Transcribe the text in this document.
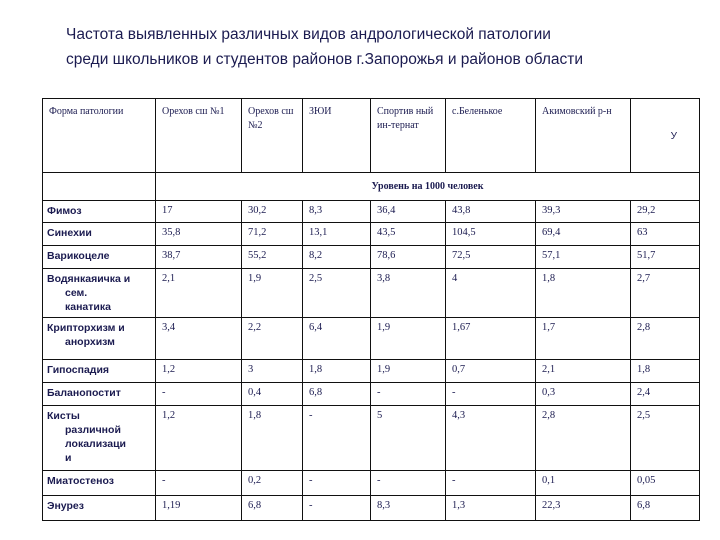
Частота выявленных различных видов андрологической патологии
среди школьников и студентов районов г.Запорожья и районов области
Форма патологии	Орехов сш №1	Орехов сш №2	ЗЮИ	Спортив ный ин-тернат	с.Беленькое	Акимовский р-н	У
	Уровень на 1000 человек						
Фимоз	17	30,2	8,3	36,4	43,8	39,3	29,2
Синехии	35,8	71,2	13,1	43,5	104,5	69,4	63
Варикоцеле	38,7	55,2	8,2	78,6	72,5	57,1	51,7
Водянкаяичка и
сем.
канатика	2,1	1,9	2,5	3,8	4	1,8	2,7
Крипторхизм и
анорхизм	3,4	2,2	6,4	1,9	1,67	1,7	2,8
Гипоспадия	1,2	3	1,8	1,9	0,7	2,1	1,8
Баланопостит	-	0,4	6,8	-	-	0,3	2,4
Кисты
различной
локализаци
и	1,2	1,8	-	5	4,3	2,8	2,5
Миатостеноз	-	0,2	-	-	-	0,1	0,05
Энурез	1,19	6,8	-	8,3	1,3	22,3	6,8
